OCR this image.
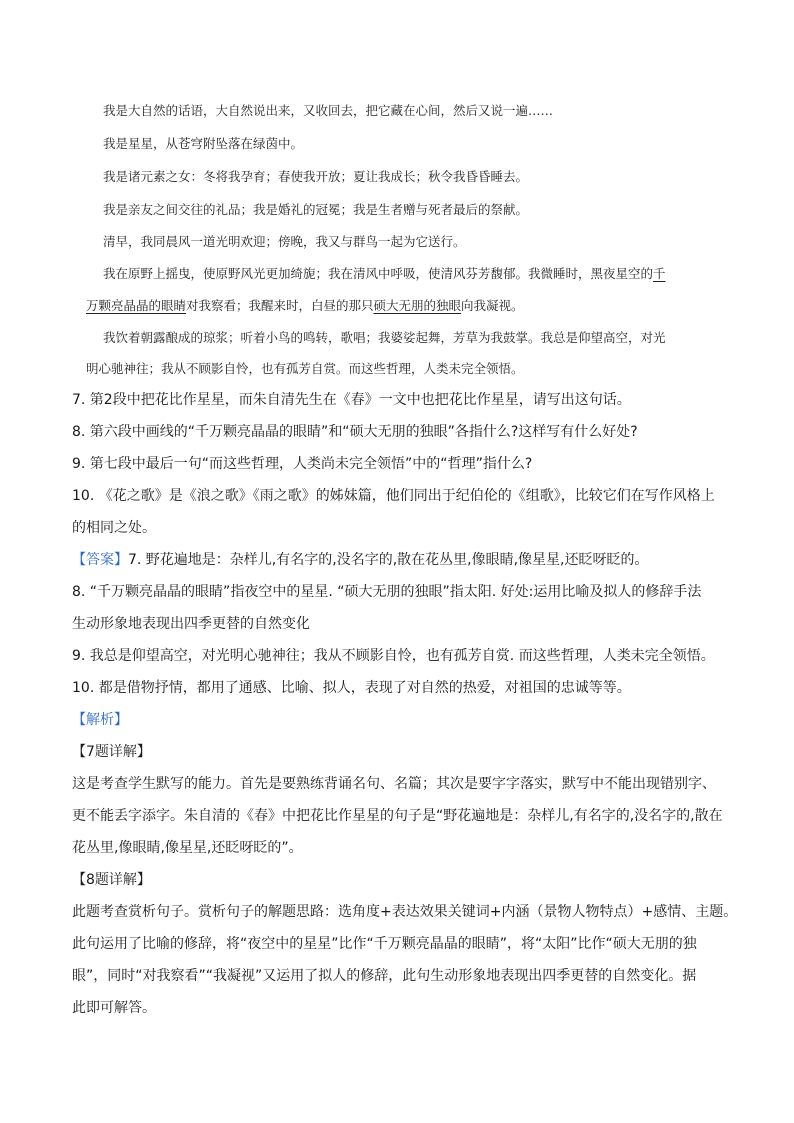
我是大自然的话语，大自然说出来，又收回去，把它藏在心间，然后又说一遍……
我是星星，从苍穹附坠落在绿茵中。
我是诸元素之女：冬将我孕育；春使我开放；夏让我成长；秋令我昏昏睡去。
我是亲友之间交往的礼品；我是婚礼的冠冕；我是生者赠与死者最后的祭献。
清早，我同晨风一道光明欢迎；傍晚，我又与群鸟一起为它送行。
我在原野上摇曳，使原野风光更加绮旎；我在清风中呼吸，使清风芬芳馥郁。我微睡时，黑夜星空的千
万颗亮晶晶的眼睛对我察看；我醒来时，白昼的那只硕大无朋的独眼向我凝视。
我饮着朝露酿成的琼浆；听着小鸟的鸣转，歌唱；我婆娑起舞，芳草为我鼓掌。我总是仰望高空，对光
明心驰神往；我从不顾影自怜，也有孤芳自赏。而这些哲理，人类未完全领悟。
7. 第2段中把花比作星星，而朱自清先生在《春》一文中也把花比作星星，请写出这句话。
8. 第六段中画线的“千万颗亮晶晶的眼睛”和“硕大无朋的独眼”各指什么?这样写有什么好处?
9. 第七段中最后一句“而这些哲理，人类尚未完全领悟”中的“哲理”指什么?
10. 《花之歌》是《浪之歌》《雨之歌》的姊妹篇，他们同出于纪伯伦的《组歌》，比较它们在写作风格上
的相同之处。
【答案】7. 野花遍地是：杂样儿,有名字的,没名字的,散在花丛里,像眼睛,像星星,还眨呀眨的。
8. “千万颗亮晶晶的眼睛”指夜空中的星星. “硕大无朋的独眼”指太阳. 好处:运用比喻及拟人的修辞手法
生动形象地表现出四季更替的自然变化
9. 我总是仰望高空，对光明心驰神往；我从不顾影自怜，也有孤芳自赏. 而这些哲理，人类未完全领悟。
10. 都是借物抒情，都用了通感、比喻、拟人，表现了对自然的热爱，对祖国的忠诚等等。
【解析】
【7题详解】
这是考查学生默写的能力。首先是要熟练背诵名句、名篇；其次是要字字落实，默写中不能出现错别字、
更不能丢字添字。朱自清的《春》中把花比作星星的句子是“野花遍地是：杂样儿,有名字的,没名字的,散在
花丛里,像眼睛,像星星,还眨呀眨的”。
【8题详解】
此题考查赏析句子。赏析句子的解题思路：选角度+表达效果关键词+内涵（景物人物特点）+感情、主题。
此句运用了比喻的修辞，将“夜空中的星星”比作“千万颗亮晶晶的眼睛”，将“太阳”比作“硕大无朋的独
眼”，同时“对我察看”“我凝视”又运用了拟人的修辞，此句生动形象地表现出四季更替的自然变化。据
此即可解答。
